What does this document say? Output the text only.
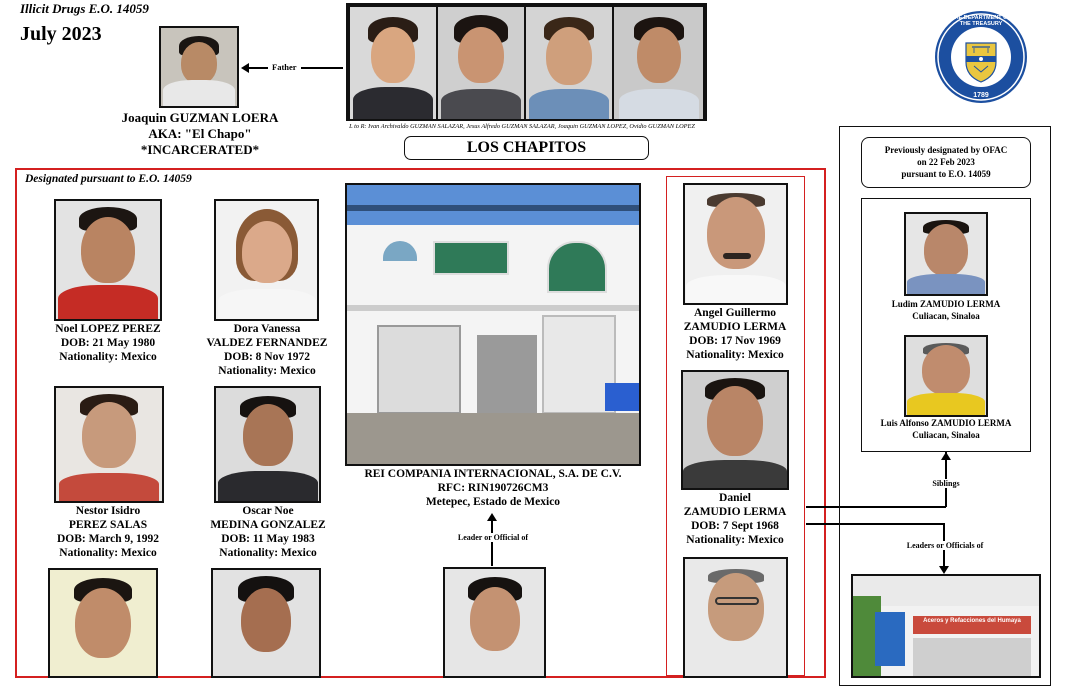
Illicit Drugs E.O. 14059
July 2023
Father
Joaquin GUZMAN LOERA
AKA: "El Chapo"
*INCARCERATED*
L to R: Ivan Archivaldo GUZMAN SALAZAR, Jesus Alfredo GUZMAN SALAZAR, Joaquin GUZMAN LOPEZ, Ovidio GUZMAN LOPEZ
LOS CHAPITOS
THE DEPARTMENT OF THE TREASURY
1789
Designated pursuant to E.O. 14059
Noel LOPEZ PEREZ
DOB: 21 May 1980
Nationality: Mexico
Dora Vanessa
VALDEZ FERNANDEZ
DOB: 8 Nov 1972
Nationality: Mexico
Nestor Isidro
PEREZ SALAS
DOB: March 9, 1992
Nationality: Mexico
Oscar Noe
MEDINA GONZALEZ
DOB: 11 May 1983
Nationality: Mexico
REI COMPANIA INTERNACIONAL, S.A. DE C.V.
RFC: RIN190726CM3
Metepec, Estado de Mexico
Leader or Official of
Angel Guillermo
ZAMUDIO LERMA
DOB: 17 Nov 1969
Nationality: Mexico
Daniel
ZAMUDIO LERMA
DOB: 7 Sept 1968
Nationality: Mexico
Previously designated by OFAC
on 22 Feb 2023
pursuant to E.O. 14059
Ludim ZAMUDIO LERMA
Culiacan, Sinaloa
Luis Alfonso ZAMUDIO LERMA
Culiacan, Sinaloa
Siblings
Leaders or Officials of
Aceros y Refacciones del Humaya
